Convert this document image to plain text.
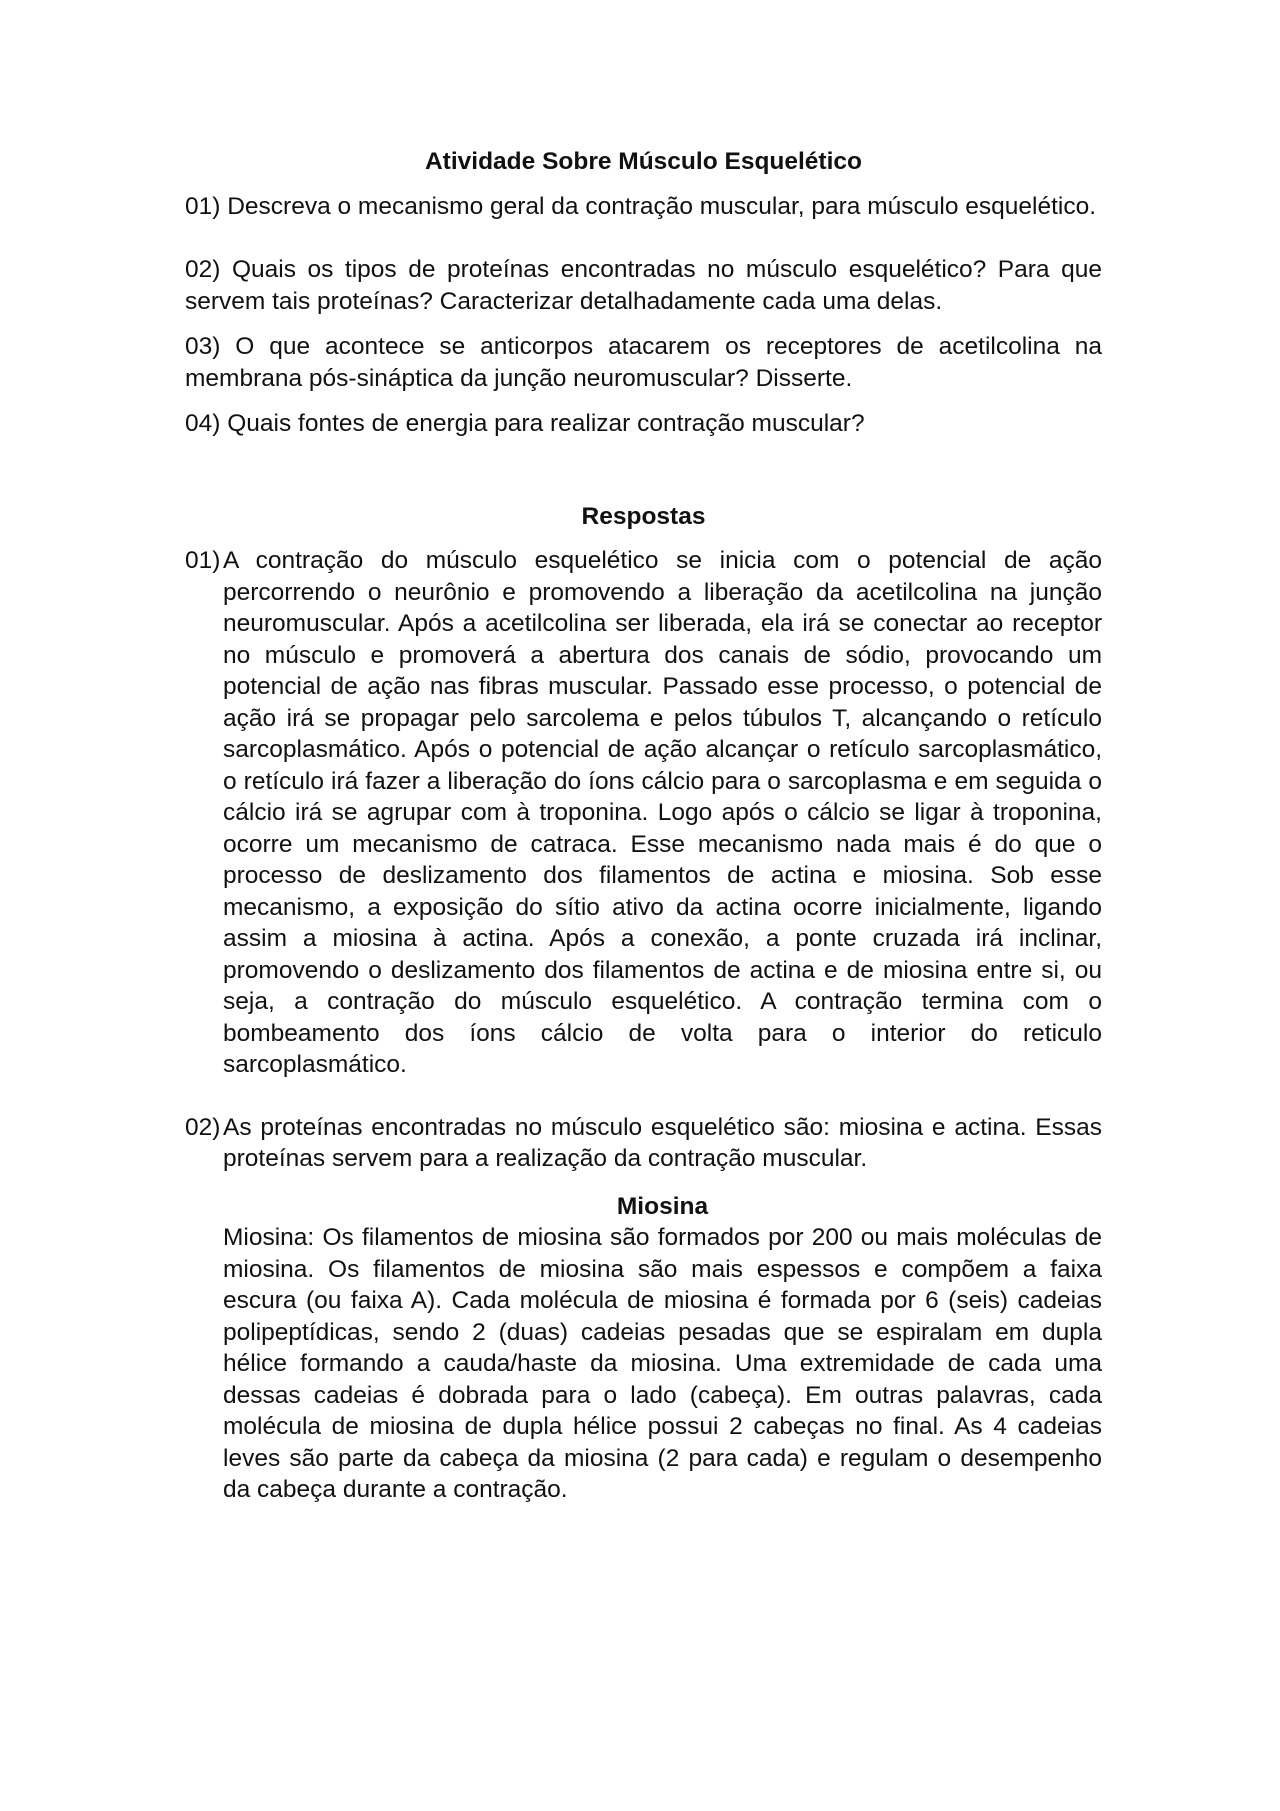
Atividade Sobre Músculo Esquelético

01) Descreva o mecanismo geral da contração muscular, para músculo esquelético.

02) Quais os tipos de proteínas encontradas no músculo esquelético? Para que servem tais proteínas? Caracterizar detalhadamente cada uma delas.

03) O que acontece se anticorpos atacarem os receptores de acetilcolina na membrana pós-sináptica da junção neuromuscular? Disserte.

04) Quais fontes de energia para realizar contração muscular?

Respostas

01) A contração do músculo esquelético se inicia com o potencial de ação percorrendo o neurônio e promovendo a liberação da acetilcolina na junção neuromuscular. Após a acetilcolina ser liberada, ela irá se conectar ao receptor no músculo e promoverá a abertura dos canais de sódio, provocando um potencial de ação nas fibras muscular. Passado esse processo, o potencial de ação irá se propagar pelo sarcolema e pelos túbulos T, alcançando o retículo sarcoplasmático. Após o potencial de ação alcançar o retículo sarcoplasmático, o retículo irá fazer a liberação do íons cálcio para o sarcoplasma e em seguida o cálcio irá se agrupar com à troponina. Logo após o cálcio se ligar à troponina, ocorre um mecanismo de catraca. Esse mecanismo nada mais é do que o processo de deslizamento dos filamentos de actina e miosina. Sob esse mecanismo, a exposição do sítio ativo da actina ocorre inicialmente, ligando assim a miosina à actina. Após a conexão, a ponte cruzada irá inclinar, promovendo o deslizamento dos filamentos de actina e de miosina entre si, ou seja, a contração do músculo esquelético. A contração termina com o bombeamento dos íons cálcio de volta para o interior do reticulo sarcoplasmático.
02) As proteínas encontradas no músculo esquelético são: miosina e actina. Essas proteínas servem para a realização da contração muscular.

Miosina

Miosina: Os filamentos de miosina são formados por 200 ou mais moléculas de miosina. Os filamentos de miosina são mais espessos e compõem a faixa escura (ou faixa A). Cada molécula de miosina é formada por 6 (seis) cadeias polipeptídicas, sendo 2 (duas) cadeias pesadas que se espiralam em dupla hélice formando a cauda/haste da miosina. Uma extremidade de cada uma dessas cadeias é dobrada para o lado (cabeça). Em outras palavras, cada molécula de miosina de dupla hélice possui 2 cabeças no final. As 4 cadeias leves são parte da cabeça da miosina (2 para cada) e regulam o desempenho da cabeça durante a contração.
